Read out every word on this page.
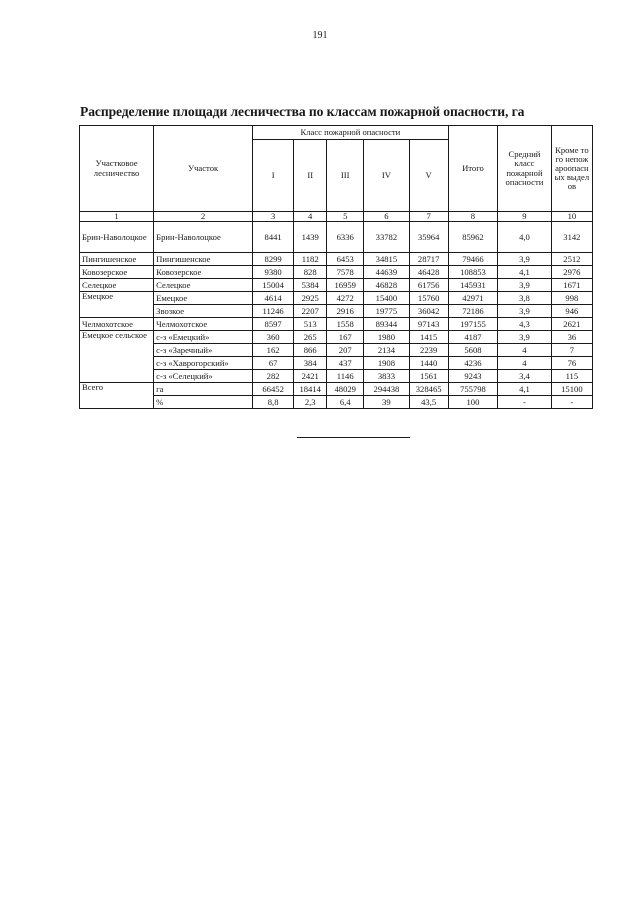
191
Распределение площади лесничества по классам пожарной опасности, га
Участковое лесничество	Участок	Класс пожарной опасности					Итого	Средний класс пожарной опасности	Кроме того непожароопасных выделов
		I	II	III	IV	V			
1	2	3	4	5	6	7	8	9	10
Брин-Наволоцкое	Брин-Наволоцкое	8441	1439	6336	33782	35964	85962	4,0	3142
Пингишенское	Пингишенское	8299	1182	6453	34815	28717	79466	3,9	2512
Ковозерское	Ковозерское	9380	828	7578	44639	46428	108853	4,1	2976
Селецкое	Селецкое	15004	5384	16959	46828	61756	145931	3,9	1671
Емецкое	Емецкое	4614	2925	4272	15400	15760	42971	3,8	998
	Звозкое	11246	2207	2916	19775	36042	72186	3,9	946
Челмохотское	Челмохотское	8597	513	1558	89344	97143	197155	4,3	2621
Емецкое сельское	с-з «Емецкий»	360	265	167	1980	1415	4187	3,9	36
	с-з «Заречный»	162	866	207	2134	2239	5608	4	7
	с-з «Хаврогорский»	67	384	437	1908	1440	4236	4	76
	с-з «Селецкий»	282	2421	1146	3833	1561	9243	3,4	115
Всего	га	66452	18414	48029	294438	328465	755798	4,1	15100
	%	8,8	2,3	6,4	39	43,5	100	-	-
